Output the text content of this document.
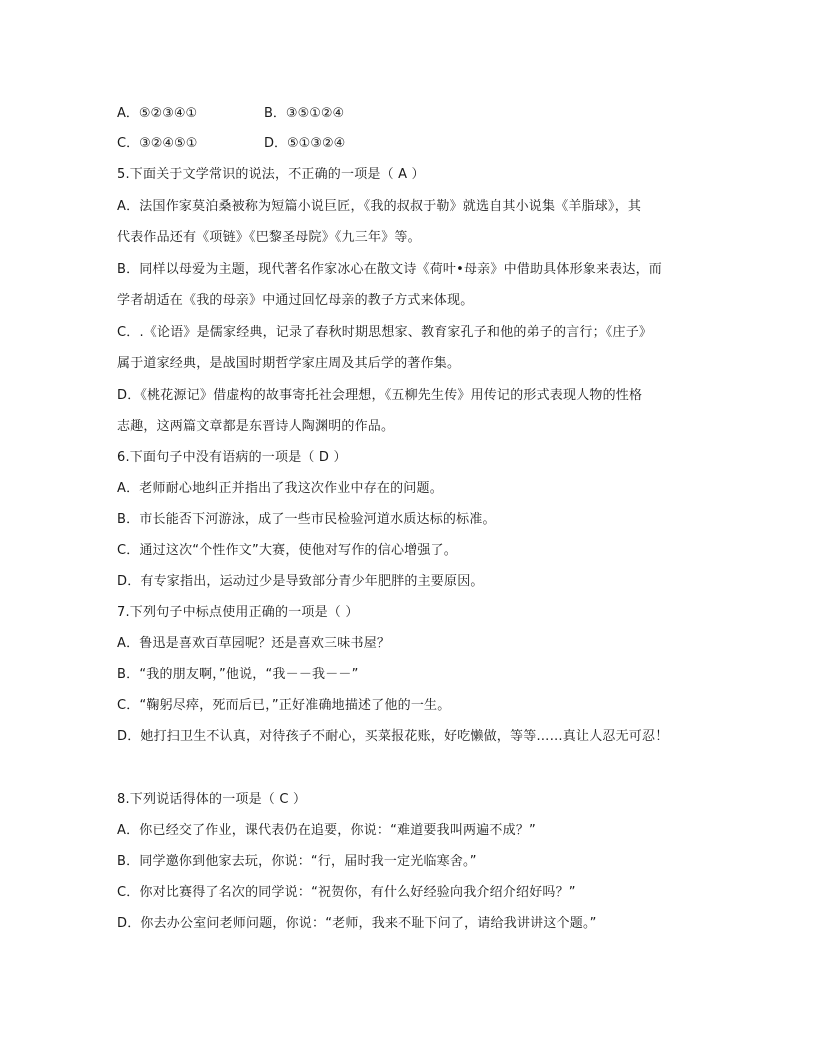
A．⑤②③④①	B．③⑤①②④
C．③②④⑤①	D．⑤①③②④
5.下面关于文学常识的说法，不正确的一项是（ A ）
A．法国作家莫泊桑被称为短篇小说巨匠，《我的叔叔于勒》就选自其小说集《羊脂球》，其
代表作品还有《项链》《巴黎圣母院》《九三年》等。
B．同样以母爱为主题，现代著名作家冰心在散文诗《荷叶•母亲》中借助具体形象来表达，而
学者胡适在《我的母亲》中通过回忆母亲的教子方式来体现。
C．.《论语》是儒家经典，记录了春秋时期思想家、教育家孔子和他的弟子的言行；《庄子》
属于道家经典，是战国时期哲学家庄周及其后学的著作集。
D．《桃花源记》借虚构的故事寄托社会理想，《五柳先生传》用传记的形式表现人物的性格
志趣，这两篇文章都是东晋诗人陶渊明的作品。
6.下面句子中没有语病的一项是（ D ）
A．老师耐心地纠正并指出了我这次作业中存在的问题。
B．市长能否下河游泳，成了一些市民检验河道水质达标的标准。
C．通过这次“个性作文”大赛，使他对写作的信心增强了。
D．有专家指出，运动过少是导致部分青少年肥胖的主要原因。
7.下列句子中标点使用正确的一项是（ ）
A．鲁迅是喜欢百草园呢？还是喜欢三味书屋？
B．“我的朋友啊，”他说，“我－－我－－”
C．“鞠躬尽瘁，死而后已，”正好准确地描述了他的一生。
D．她打扫卫生不认真，对待孩子不耐心，买菜报花账，好吃懒做，等等……真让人忍无可忍！
8.下列说话得体的一项是（ C ）
A．你已经交了作业，课代表仍在追要，你说：“难道要我叫两遍不成？”
B．同学邀你到他家去玩，你说：“行，届时我一定光临寒舍。”
C．你对比赛得了名次的同学说：“祝贺你，有什么好经验向我介绍介绍好吗？”
D．你去办公室问老师问题，你说：“老师，我来不耻下问了，请给我讲讲这个题。”
